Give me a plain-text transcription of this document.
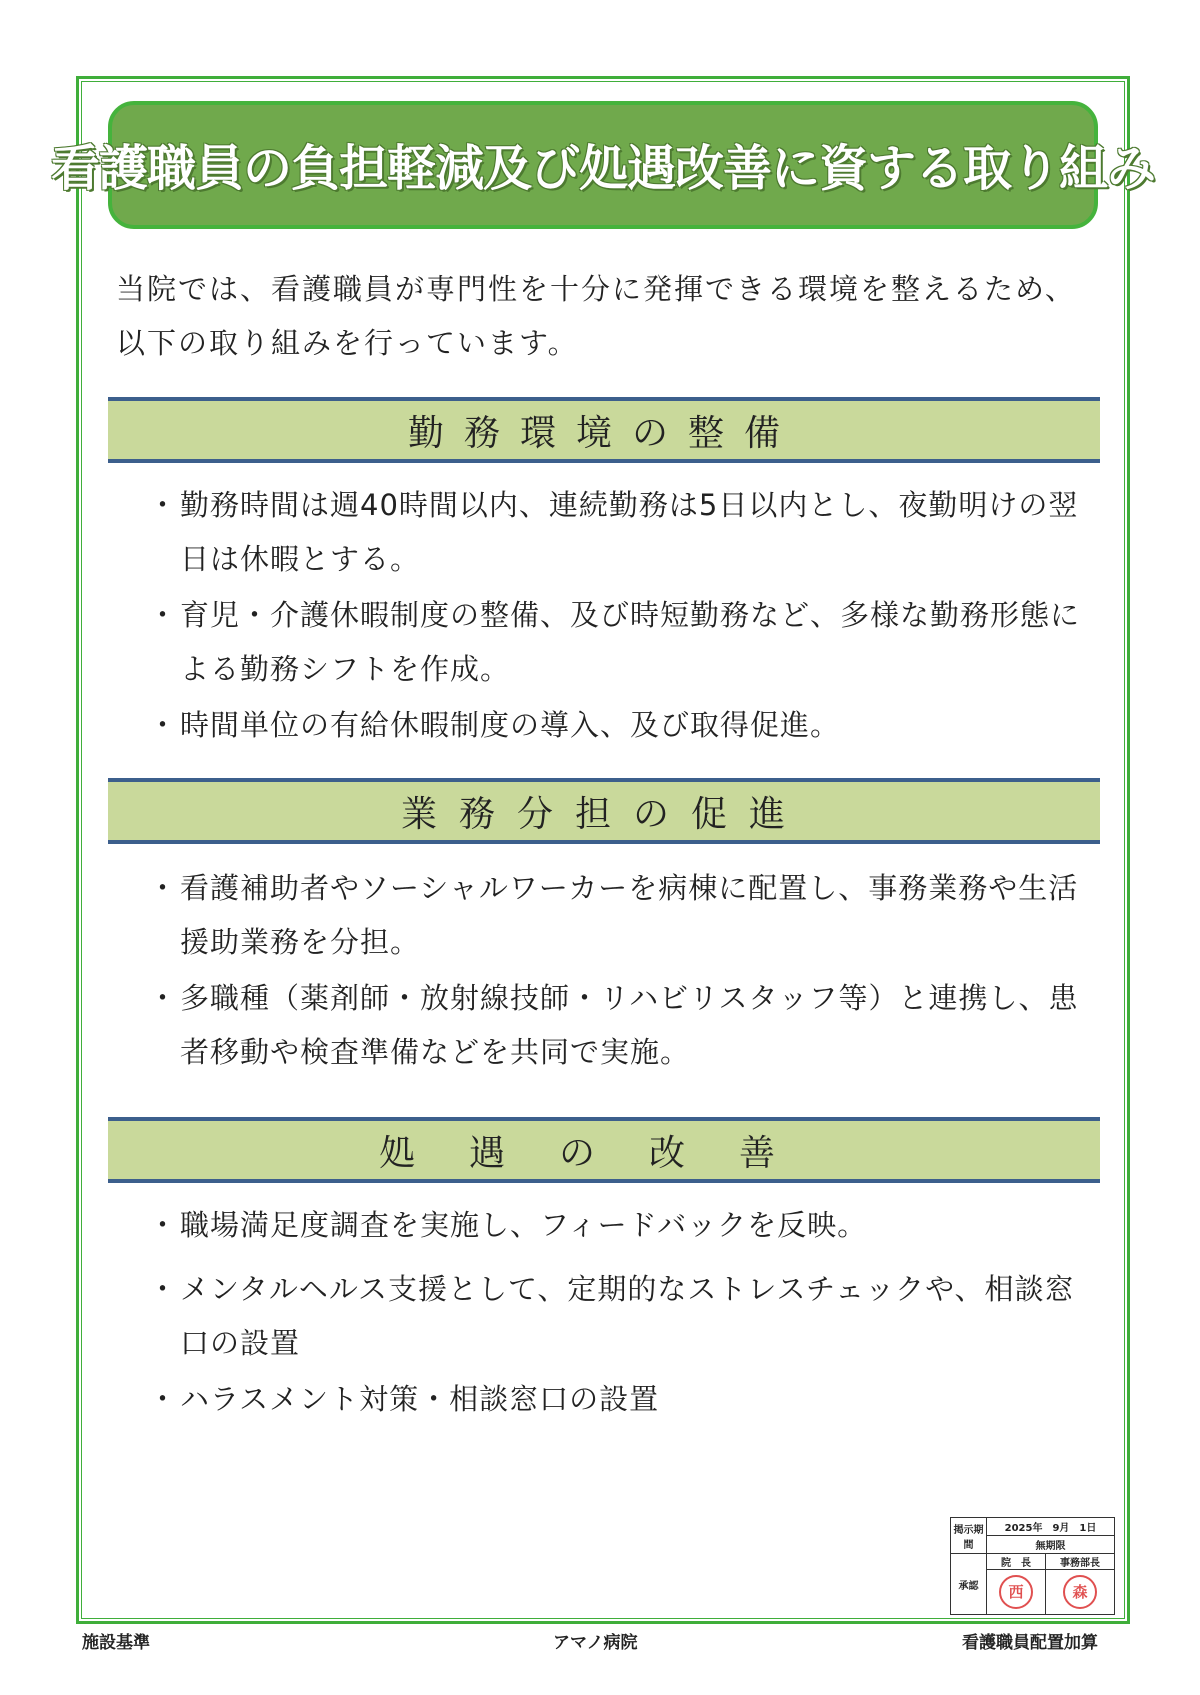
看護職員の負担軽減及び処遇改善に資する取り組み

当院では、看護職員が専門性を十分に発揮できる環境を整えるため、以下の取り組みを行っています。

勤務環境の整備
・ 勤務時間は週40時間以内、連続勤務は5日以内とし、夜勤明けの翌日は休暇とする。
・ 育児・介護休暇制度の整備、及び時短勤務など、多様な勤務形態による勤務シフトを作成。
・ 時間単位の有給休暇制度の導入、及び取得促進。
業務分担の促進
・ 看護補助者やソーシャルワーカーを病棟に配置し、事務業務や生活援助業務を分担。
・ 多職種（薬剤師・放射線技師・リハビリスタッフ等）と連携し、患者移動や検査準備などを共同で実施。
処遇の改善
・ 職場満足度調査を実施し、フィードバックを反映。
・ メンタルヘルス支援として、定期的なストレスチェックや、相談窓口の設置
・ ハラスメント対策・相談窓口の設置
掲示期間	2025年　9月　1日	
	無期限	
承認	院　長	事務部長
	西	森
施設基準	アマノ病院	看護職員配置加算
